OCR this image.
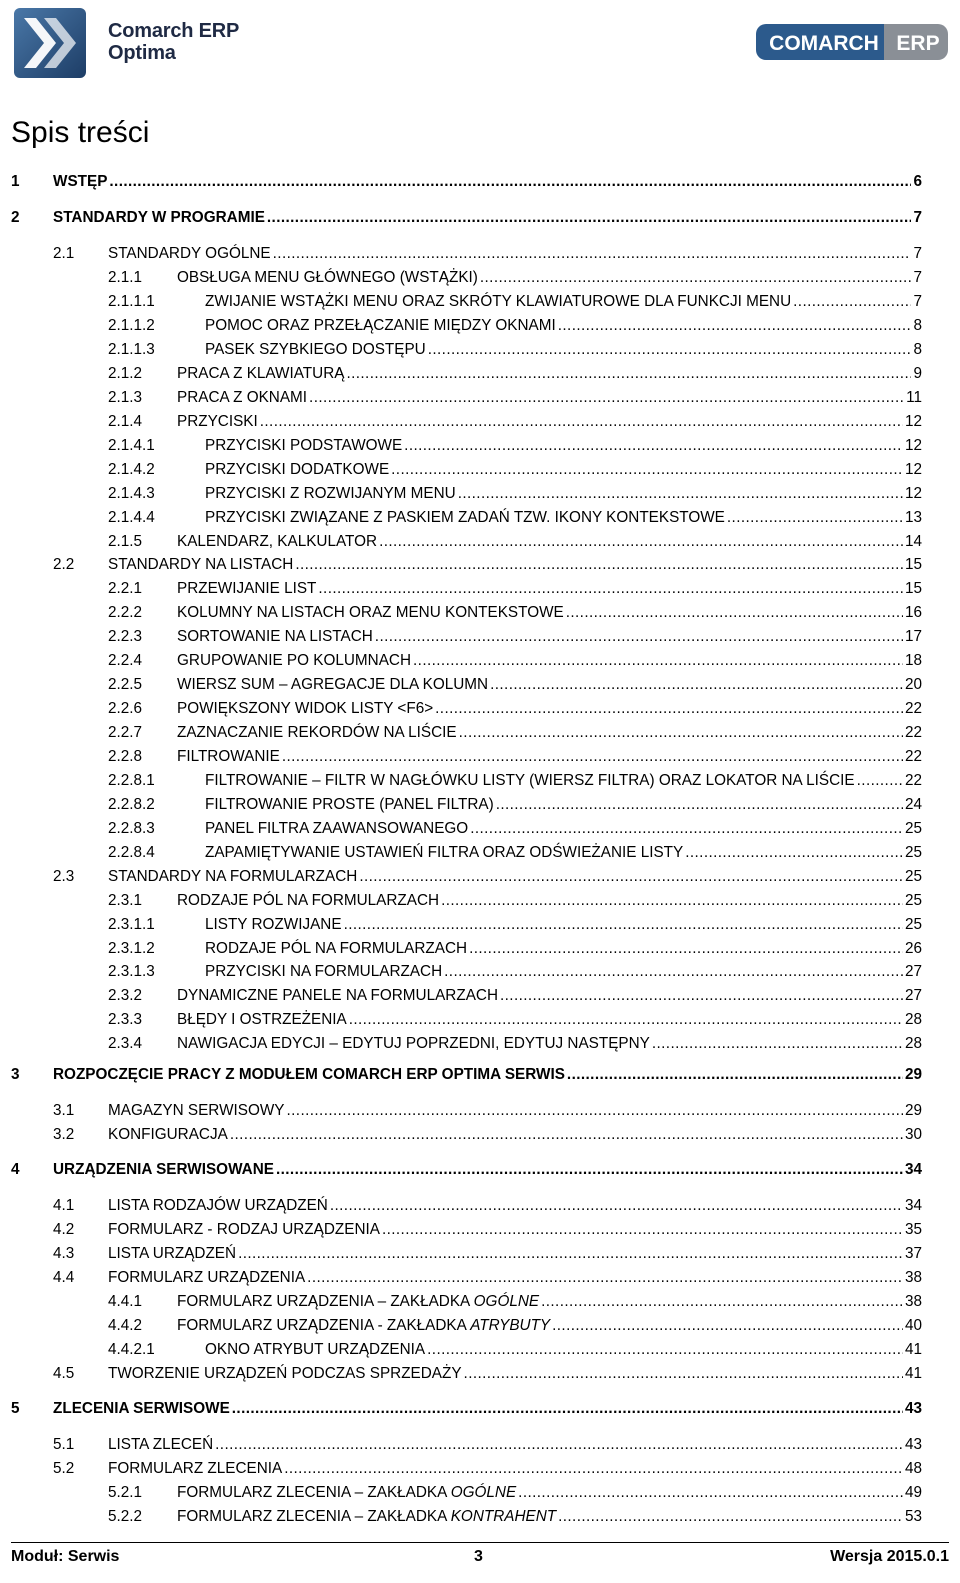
Comarch ERP
Optima	COMARCH ERP
Spis treści
1 WSTĘP .....	6
2 STANDARDY W PROGRAMIE .....	7
2.1 STANDARDY OGÓLNE .....	7
2.1.1 OBSŁUGA MENU GŁÓWNEGO (WSTĄŻKI) .....	7
2.1.1.1	ZWIJANIE WSTĄŻKI MENU ORAZ SKRÓTY KLAWIATUROWE DLA FUNKCJI MENU .....	7
2.1.1.2	POMOC ORAZ PRZEŁĄCZANIE MIĘDZY OKNAMI .....	8
2.1.1.3	PASEK SZYBKIEGO DOSTĘPU .....	8
2.1.2 PRACA Z KLAWIATURĄ .....	9
2.1.3 PRACA Z OKNAMI .....	11
2.1.4 PRZYCISKI .....	12
2.1.4.1	PRZYCISKI PODSTAWOWE .....	12
2.1.4.2	PRZYCISKI DODATKOWE .....	12
2.1.4.3	PRZYCISKI Z ROZWIJANYM MENU .....	12
2.1.4.4	PRZYCISKI ZWIĄZANE Z PASKIEM ZADAŃ TZW. IKONY KONTEKSTOWE .....	13
2.1.5 KALENDARZ, KALKULATOR .....	14
2.2 STANDARDY NA LISTACH .....	15
2.2.1 PRZEWIJANIE LIST .....	15
2.2.2 KOLUMNY NA LISTACH ORAZ MENU KONTEKSTOWE .....	16
2.2.3 SORTOWANIE NA LISTACH .....	17
2.2.4 GRUPOWANIE PO KOLUMNACH .....	18
2.2.5 WIERSZ SUM – AGREGACJE DLA KOLUMN .....	20
2.2.6 POWIĘKSZONY WIDOK LISTY <F6> .....	22
2.2.7 ZAZNACZANIE REKORDÓW NA LIŚCIE .....	22
2.2.8 FILTROWANIE .....	22
2.2.8.1	FILTROWANIE – FILTR W NAGŁÓWKU LISTY (WIERSZ FILTRA) ORAZ LOKATOR NA LIŚCIE .....	22
2.2.8.2	FILTROWANIE PROSTE (PANEL FILTRA) .....	24
2.2.8.3	PANEL FILTRA ZAAWANSOWANEGO .....	25
2.2.8.4	ZAPAMIĘTYWANIE USTAWIEŃ FILTRA ORAZ ODŚWIEŻANIE LISTY .....	25
2.3 STANDARDY NA FORMULARZACH .....	25
2.3.1 RODZAJE PÓL NA FORMULARZACH .....	25
2.3.1.1	LISTY ROZWIJANE .....	25
2.3.1.2	RODZAJE PÓL NA FORMULARZACH .....	26
2.3.1.3	PRZYCISKI NA FORMULARZACH .....	27
2.3.2 DYNAMICZNE PANELE NA FORMULARZACH .....	27
2.3.3 BŁĘDY I OSTRZEŻENIA .....	28
2.3.4 NAWIGACJA EDYCJI – EDYTUJ POPRZEDNI, EDYTUJ NASTĘPNY .....	28
3 ROZPOCZĘCIE PRACY Z MODUŁEM COMARCH ERP OPTIMA SERWIS .....	29
3.1 MAGAZYN SERWISOWY .....	29
3.2 KONFIGURACJA .....	30
4 URZĄDZENIA SERWISOWANE .....	34
4.1 LISTA RODZAJÓW URZĄDZEŃ .....	34
4.2 FORMULARZ - RODZAJ URZĄDZENIA .....	35
4.3 LISTA URZĄDZEŃ .....	37
4.4 FORMULARZ URZĄDZENIA .....	38
4.4.1 FORMULARZ URZĄDZENIA – ZAKŁADKA OGÓLNE .....	38
4.4.2 FORMULARZ URZĄDZENIA - ZAKŁADKA ATRYBUTY .....	40
4.4.2.1	OKNO ATRYBUT URZĄDZENIA .....	41
4.5 TWORZENIE URZĄDZEŃ PODCZAS SPRZEDAŻY .....	41
5 ZLECENIA SERWISOWE .....	43
5.1 LISTA ZLECEŃ .....	43
5.2 FORMULARZ ZLECENIA .....	48
5.2.1 FORMULARZ ZLECENIA – ZAKŁADKA OGÓLNE .....	49
5.2.2 FORMULARZ ZLECENIA – ZAKŁADKA KONTRAHENT .....	53
Moduł: Serwis	3	Wersja 2015.0.1
